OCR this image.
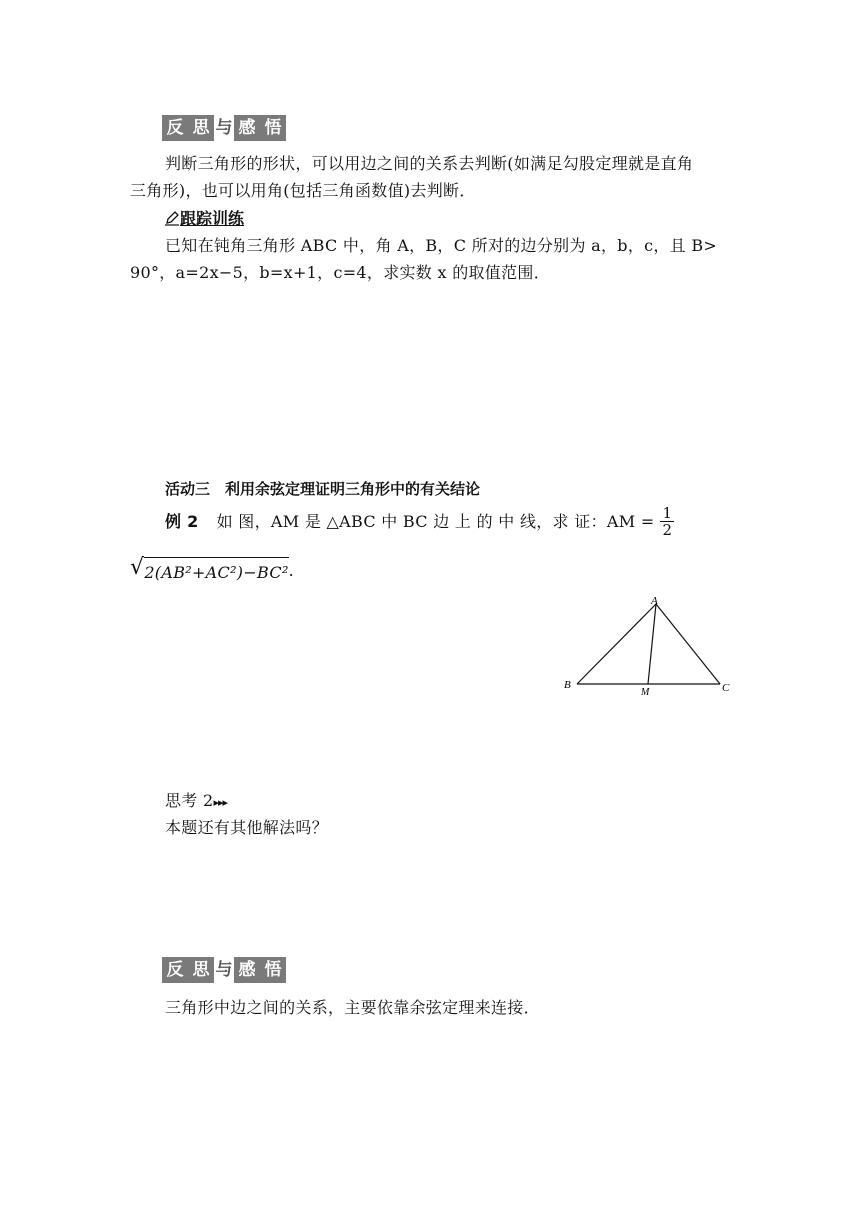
反 思 与 感 悟
判断三角形的形状，可以用边之间的关系去判断(如满足勾股定理就是直角
三角形)，也可以用角(包括三角函数值)去判断．
跟踪训练
已知在钝角三角形 ABC 中，角 A，B，C 所对的边分别为 a，b，c，且 B>
90°，a=2x−5，b=x+1，c=4，求实数 x 的取值范围．
活动三　利用余弦定理证明三角形中的有关结论
例 2 如 图，AM 是 △ABC 中 BC 边 上 的 中 线，求 证：AM = $\frac{1}{2}$
√ 2(AB²+AC²)−BC² .
A
B	C
M
思考 2▸▸▸
本题还有其他解法吗？
反 思 与 感 悟
三角形中边之间的关系，主要依靠余弦定理来连接．
